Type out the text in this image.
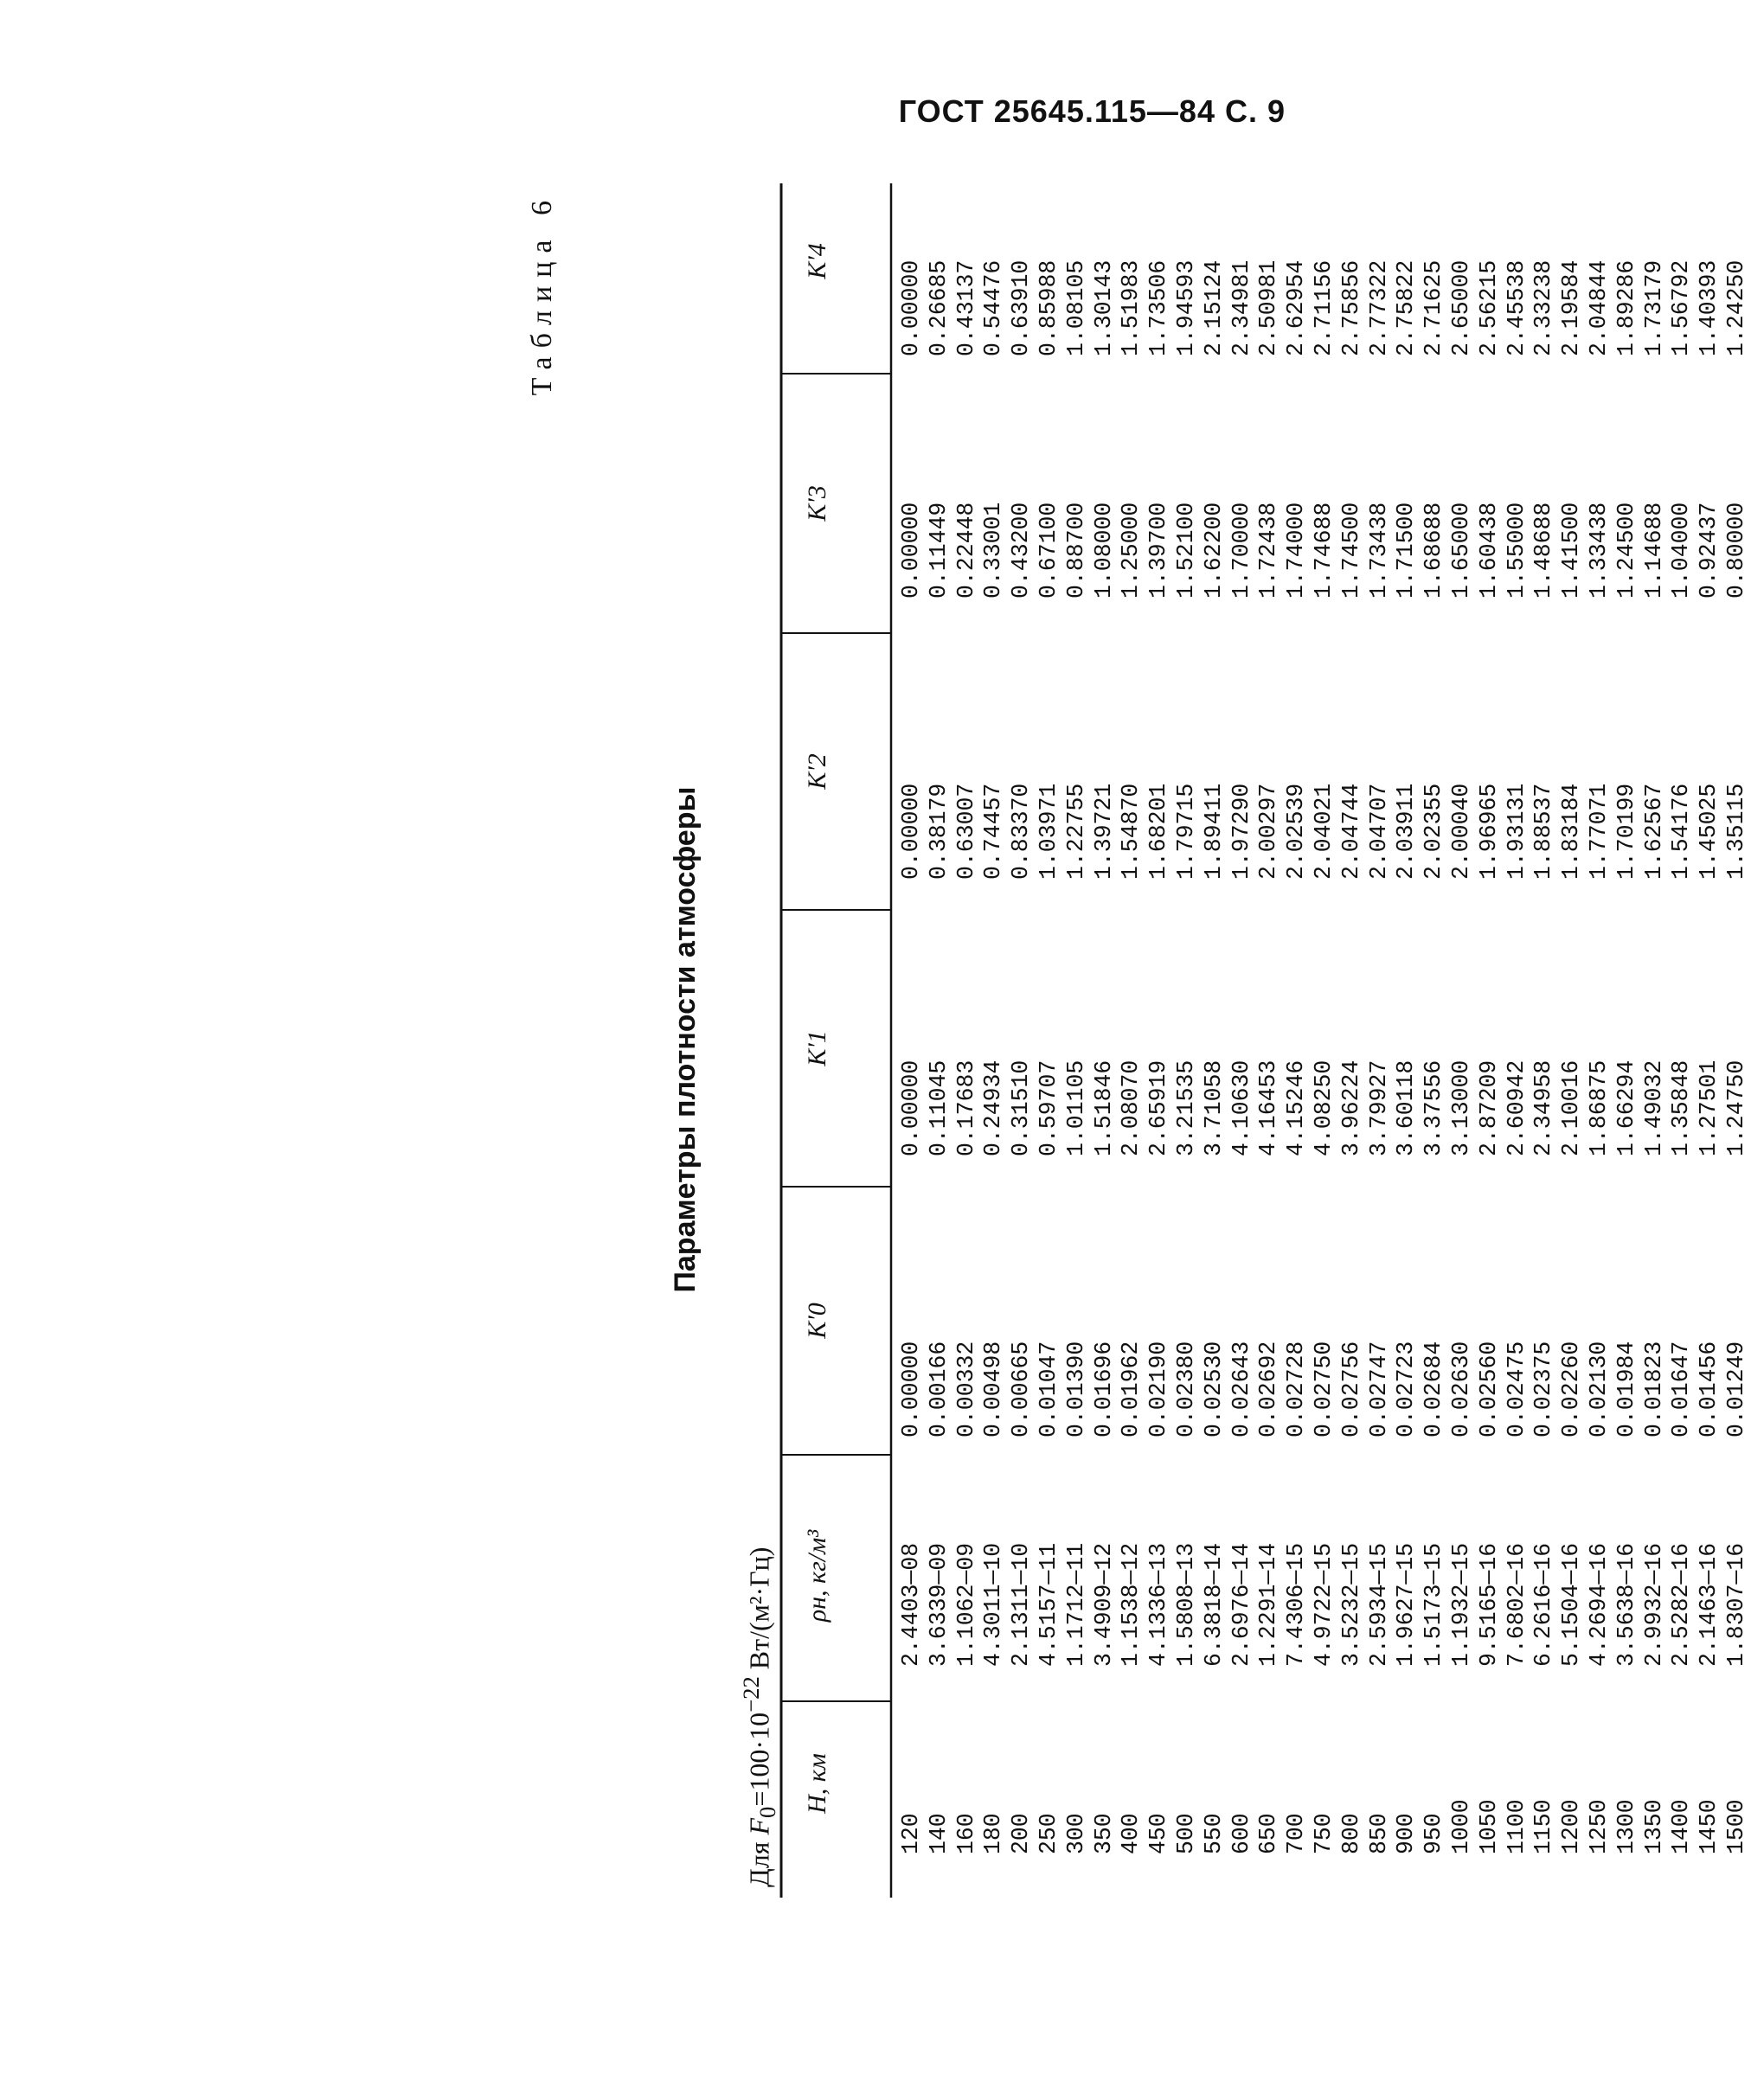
ГОСТ 25645.115—84 С. 9
Таблица 6
Параметры плотности атмосферы
Для $F_0=100\cdot 10^{-22}$ Вт/(м²·Гц)
H, км
ρн, кг/м³
K′0
K′1
K′2
K′3
K′4
120 140 160 180 200 250 300 350 400 450 500 550 600 650 700 750 800 850 900 950 1000 1050 1100 1150 1200 1250 1300 1350 1400 1450 1500
2.4403—08 3.6339—09 1.1062—09 4.3011—10 2.1311—10 4.5157—11 1.1712—11 3.4909—12 1.1538—12 4.1336—13 1.5808—13 6.3818—14 2.6976—14 1.2291—14 7.4306—15 4.9722—15 3.5232—15 2.5934—15 1.9627—15 1.5173—15 1.1932—15 9.5165—16 7.6802—16 6.2616—16 5.1504—16 4.2694—16 3.5638—16 2.9932—16 2.5282—16 2.1463—16 1.8307—16
0.00000 0.00166 0.00332 0.00498 0.00665 0.01047 0.01390 0.01696 0.01962 0.02190 0.02380 0.02530 0.02643 0.02692 0.02728 0.02750 0.02756 0.02747 0.02723 0.02684 0.02630 0.02560 0.02475 0.02375 0.02260 0.02130 0.01984 0.01823 0.01647 0.01456 0.01249
0.00000 0.11045 0.17683 0.24934 0.31510 0.59707 1.01105 1.51846 2.08070 2.65919 3.21535 3.71058 4.10630 4.16453 4.15246 4.08250 3.96224 3.79927 3.60118 3.37556 3.13000 2.87209 2.60942 2.34958 2.10016 1.86875 1.66294 1.49032 1.35848 1.27501 1.24750
0.00000 0.38179 0.63007 0.74457 0.83370 1.03971 1.22755 1.39721 1.54870 1.68201 1.79715 1.89411 1.97290 2.00297 2.02539 2.04021 2.04744 2.04707 2.03911 2.02355 2.00040 1.96965 1.93131 1.88537 1.83184 1.77071 1.70199 1.62567 1.54176 1.45025 1.35115
0.00000 0.11449 0.22448 0.33001 0.43200 0.67100 0.88700 1.08000 1.25000 1.39700 1.52100 1.62200 1.70000 1.72438 1.74000 1.74688 1.74500 1.73438 1.71500 1.68688 1.65000 1.60438 1.55000 1.48688 1.41500 1.33438 1.24500 1.14688 1.04000 0.92437 0.80000
0.00000 0.26685 0.43137 0.54476 0.63910 0.85988 1.08105 1.30143 1.51983 1.73506 1.94593 2.15124 2.34981 2.50981 2.62954 2.71156 2.75856 2.77322 2.75822 2.71625 2.65000 2.56215 2.45538 2.33238 2.19584 2.04844 1.89286 1.73179 1.56792 1.40393 1.24250
